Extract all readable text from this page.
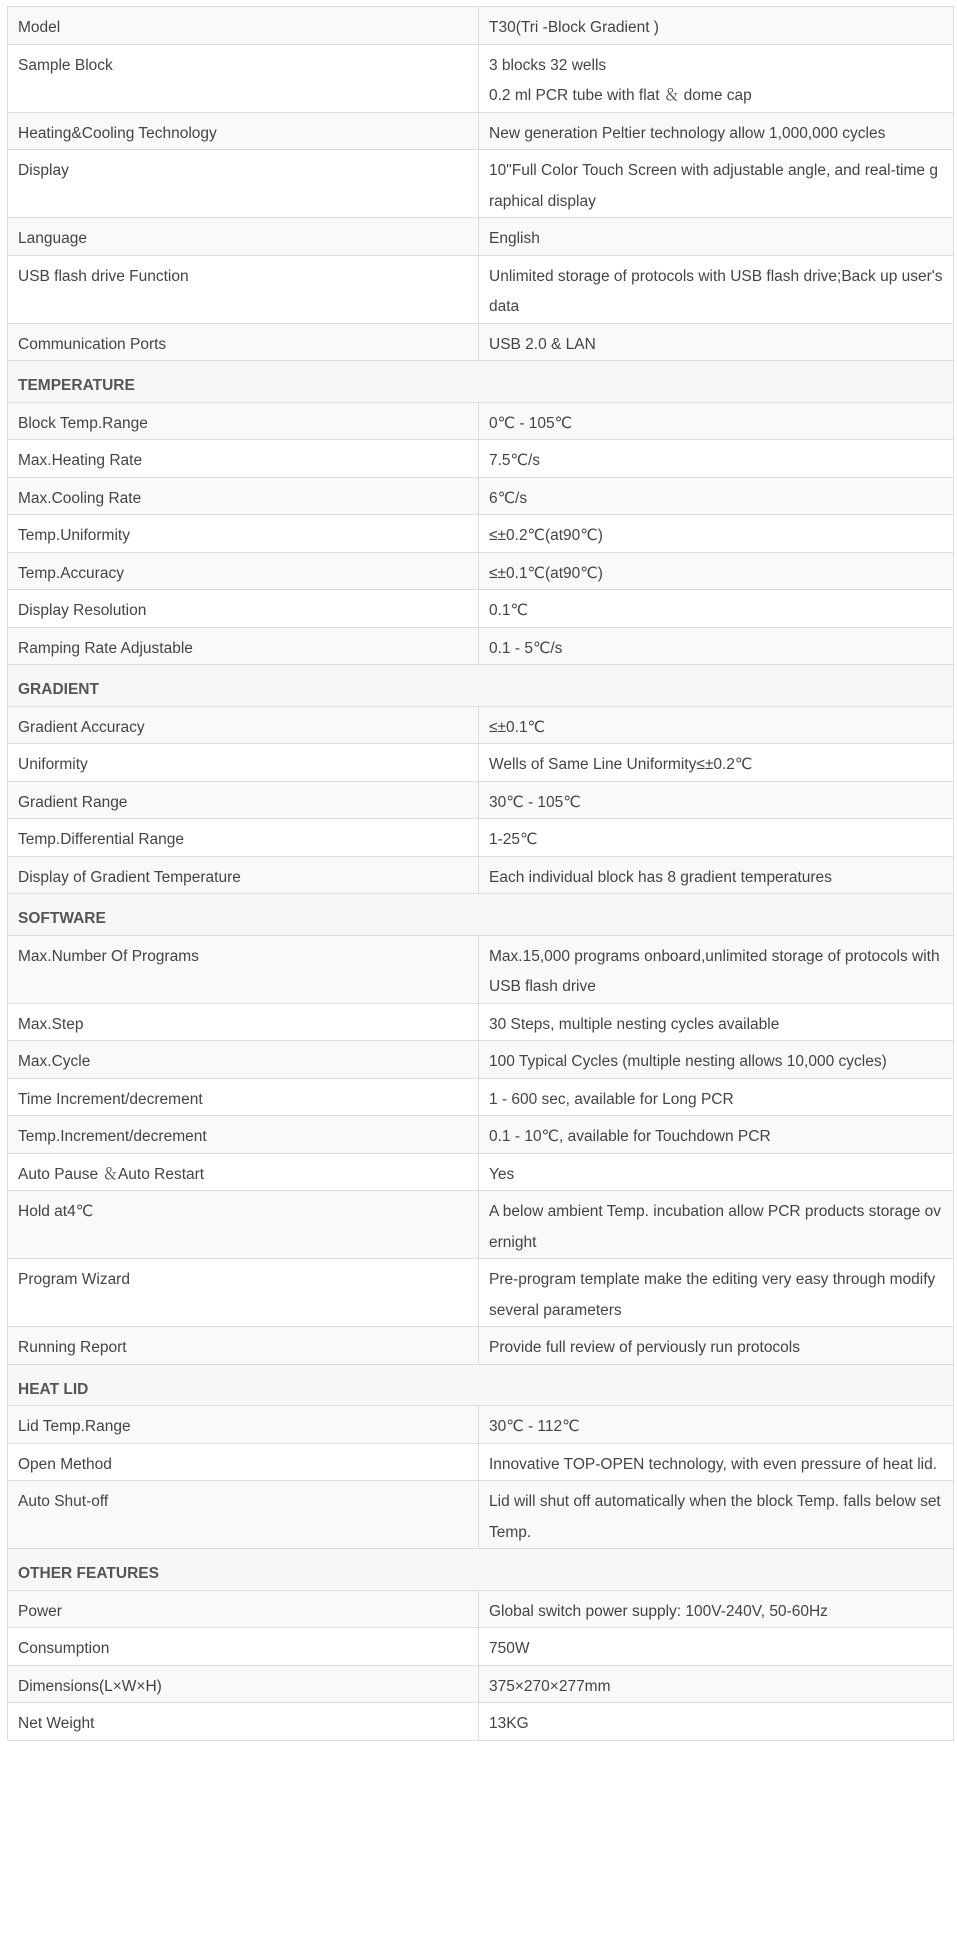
Model	T30(Tri -Block Gradient )

Sample Block	3 blocks 32 wells

0.2 ml PCR tube with flat ＆ dome cap

Heating&Cooling Technology	New generation Peltier technology allow 1,000,000 cycles

Display	10"Full Color Touch Screen with adjustable angle, and real-time graphical display

Language	English

USB flash drive Function	Unlimited storage of protocols with USB flash drive;Back up user's data

Communication Ports	USB 2.0 & LAN

TEMPERATURE	
Block Temp.Range	0℃ - 105℃

Max.Heating Rate	7.5℃/s

Max.Cooling Rate	6℃/s

Temp.Uniformity	≤±0.2℃(at90℃)

Temp.Accuracy	≤±0.1℃(at90℃)

Display Resolution	0.1℃

Ramping Rate Adjustable	0.1 - 5℃/s

GRADIENT	
Gradient Accuracy	≤±0.1℃

Uniformity	Wells of Same Line Uniformity≤±0.2℃

Gradient Range	30℃ - 105℃

Temp.Differential Range	1-25℃

Display of Gradient Temperature	Each individual block has 8 gradient temperatures

SOFTWARE	
Max.Number Of Programs	Max.15,000 programs onboard,unlimited storage of protocols with USB flash drive

Max.Step	30 Steps, multiple nesting cycles available

Max.Cycle	100 Typical Cycles (multiple nesting allows 10,000 cycles)

Time Increment/decrement	1 - 600 sec, available for Long PCR

Temp.Increment/decrement	0.1 - 10℃, available for Touchdown PCR

Auto Pause ＆Auto Restart	Yes

Hold at4℃	A below ambient Temp. incubation allow PCR products storage overnight

Program Wizard	Pre-program template make the editing very easy through modify several parameters

Running Report	Provide full review of perviously run protocols

HEAT LID	
Lid Temp.Range	30℃ - 112℃

Open Method	Innovative TOP-OPEN technology, with even pressure of heat lid.

Auto Shut-off	Lid will shut off automatically when the block Temp. falls below set Temp.

OTHER FEATURES	
Power	Global switch power supply: 100V-240V, 50-60Hz

Consumption	750W

Dimensions(L×W×H)	375×270×277mm

Net Weight	13KG
